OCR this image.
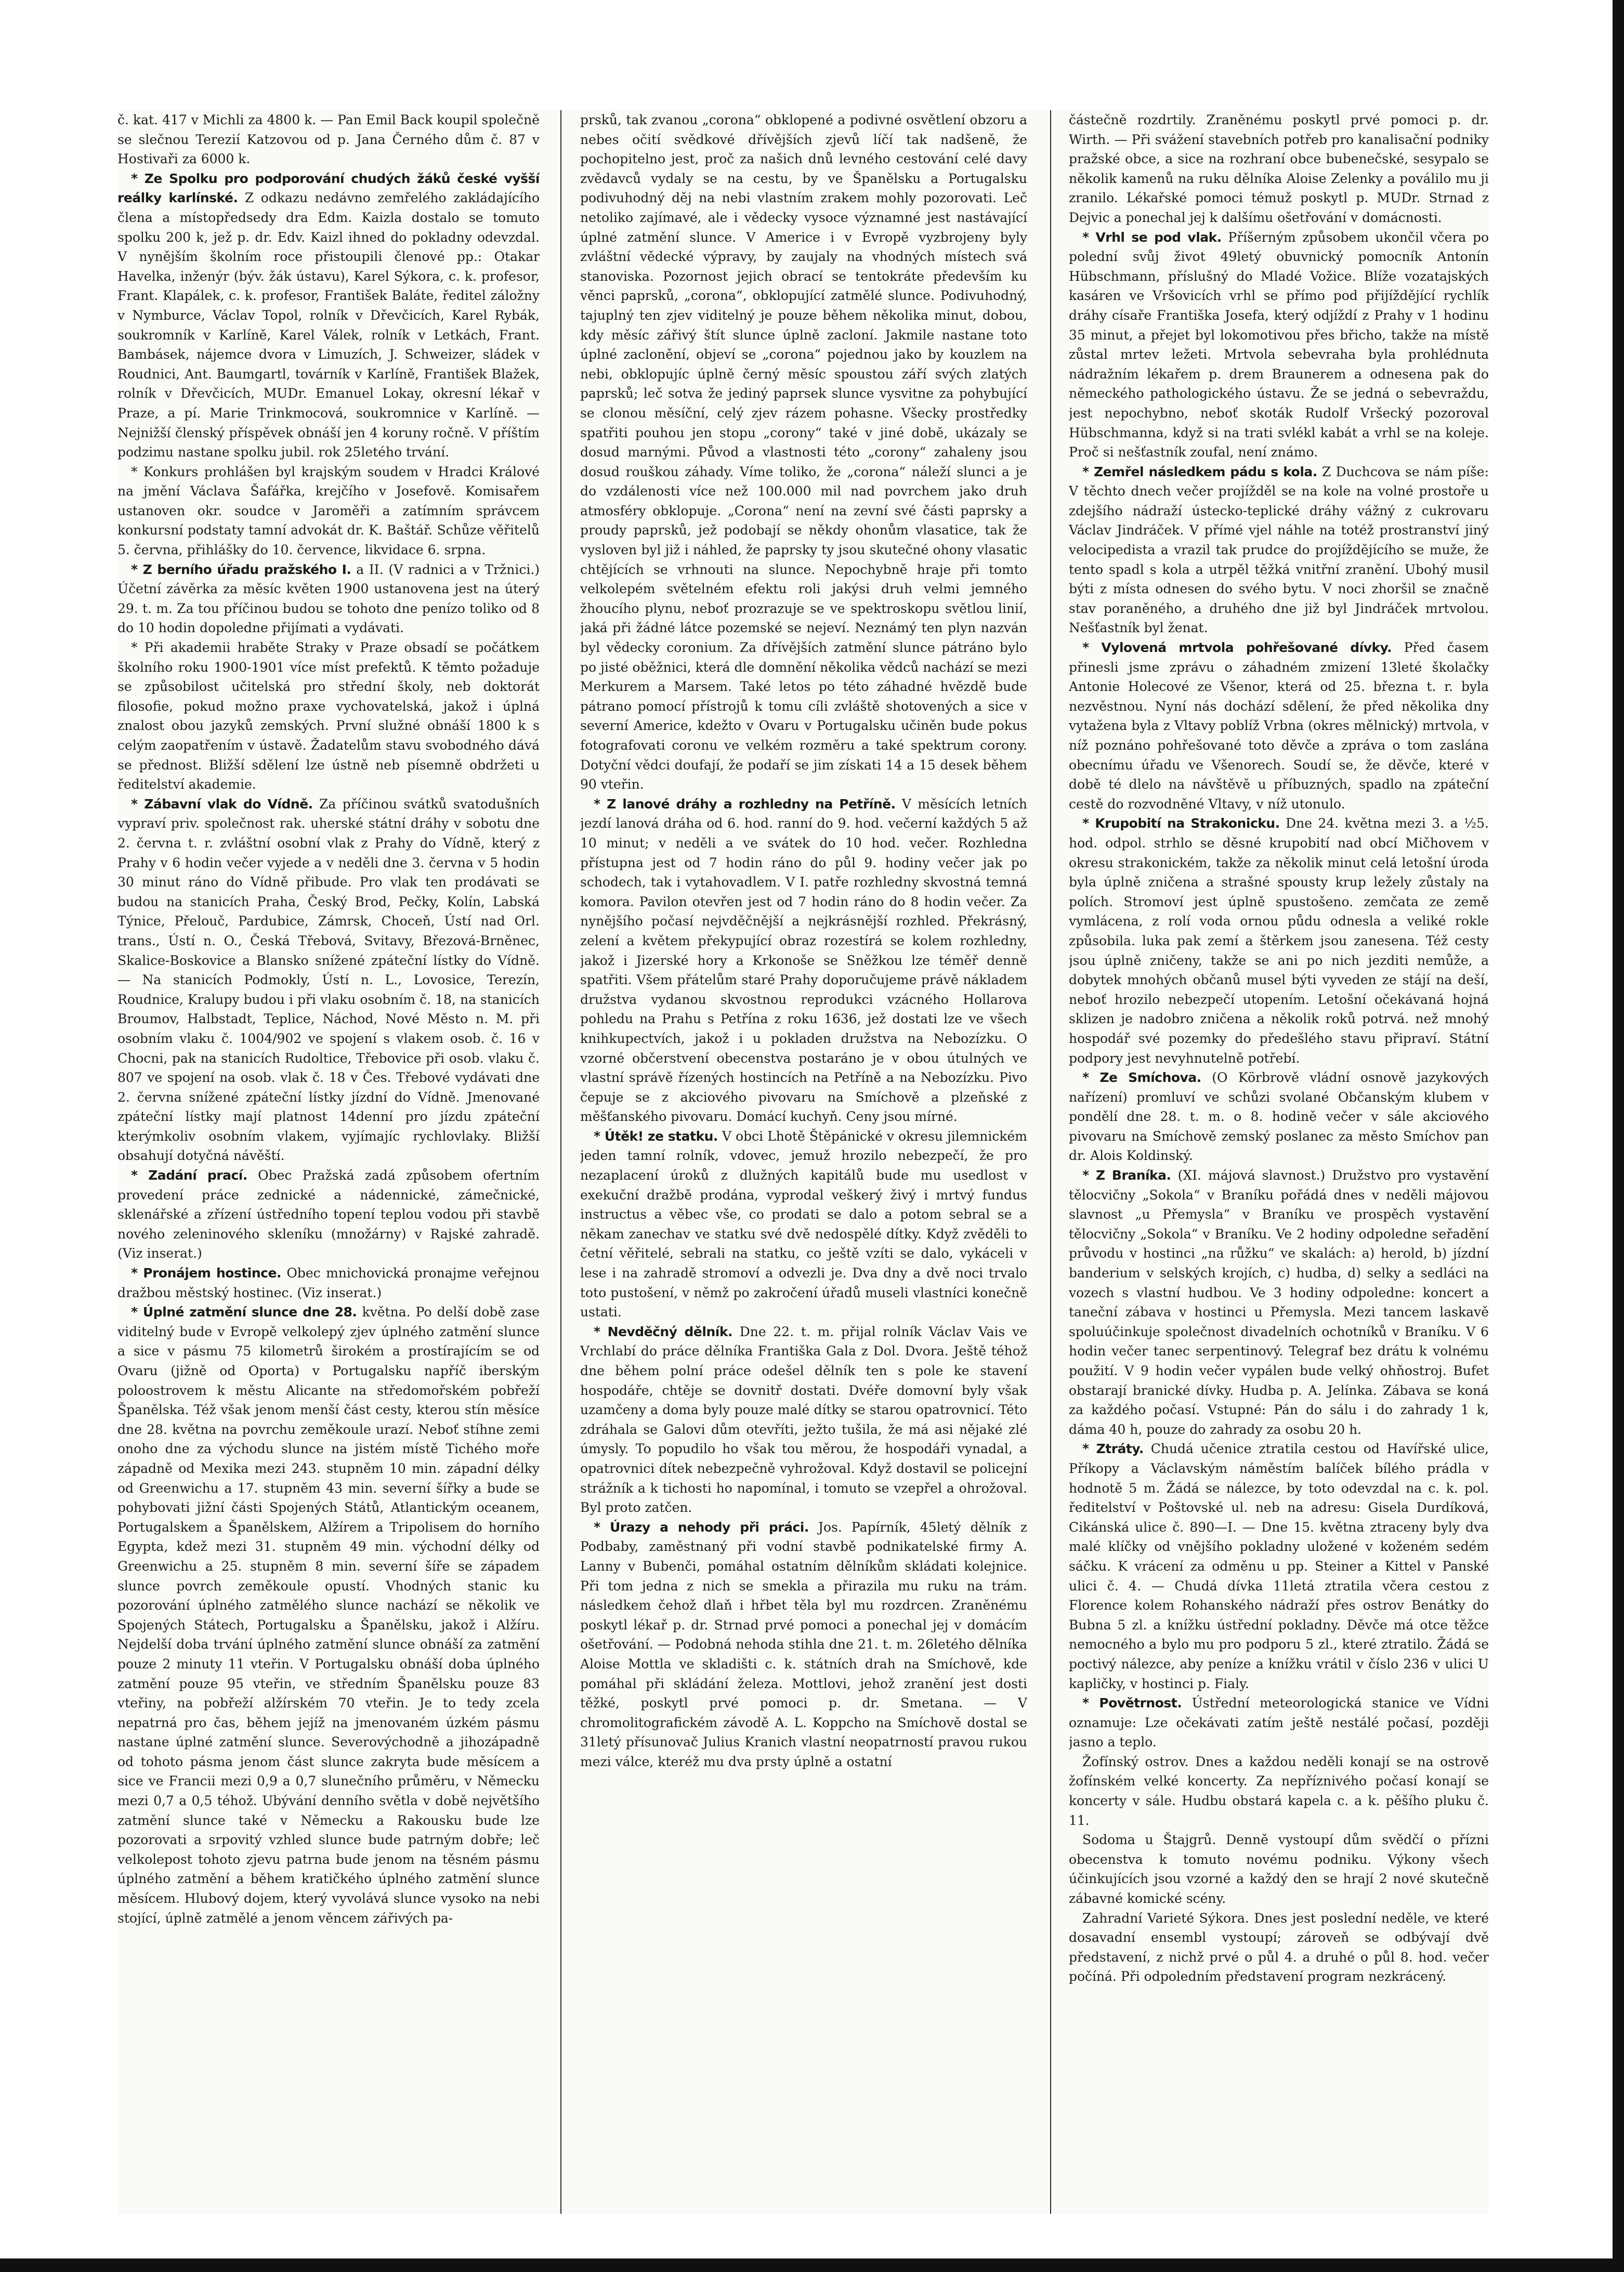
č. kat. 417 v Michli za 4800 k. — Pan Emil Back koupil společně se slečnou Terezií Katzovou od p. Jana Černého dům č. 87 v Hostivaři za 6000 k.

* Ze Spolku pro podporování chudých žáků české vyšší reálky karlínské. Z odkazu nedávno zemřelého zakládajícího člena a místopředsedy dra Edm. Kaizla dostalo se tomuto spolku 200 k, jež p. dr. Edv. Kaizl ihned do pokladny odevzdal. V nynějším školním roce přistoupili členové pp.: Otakar Havelka, inženýr (býv. žák ústavu), Karel Sýkora, c. k. profesor, Frant. Klapálek, c. k. profesor, František Baláte, ředitel záložny v Nymburce, Václav Topol, rolník v Dřevčicích, Karel Rybák, soukromník v Karlíně, Karel Válek, rolník v Letkách, Frant. Bambásek, nájemce dvora v Limuzích, J. Schweizer, sládek v Roudnici, Ant. Baumgartl, továrník v Karlíně, František Blažek, rolník v Dřevčicích, MUDr. Emanuel Lokay, okresní lékař v Praze, a pí. Marie Trinkmocová, soukromnice v Karlíně. — Nejnižší členský příspěvek obnáší jen 4 koruny ročně. V příštím podzimu nastane spolku jubil. rok 25letého trvání.

* Konkurs prohlášen byl krajským soudem v Hradci Králové na jmění Václava Šafářka, krejčího v Josefově. Komisařem ustanoven okr. soudce v Jaroměři a zatímním správcem konkursní podstaty tamní advokát dr. K. Baštář. Schůze věřitelů 5. června, přihlášky do 10. července, likvidace 6. srpna.

* Z berního úřadu pražského I. a II. (V radnici a v Tržnici.) Účetní závěrka za měsíc květen 1900 ustanovena jest na úterý 29. t. m. Za tou příčinou budou se tohoto dne penízo toliko od 8 do 10 hodin dopoledne přijímati a vydávati.

* Při akademii hraběte Straky v Praze obsadí se počátkem školního roku 1900-1901 více míst prefektů. K těmto požaduje se způsobilost učitelská pro střední školy, neb doktorát filosofie, pokud možno praxe vychovatelská, jakož i úplná znalost obou jazyků zemských. První služné obnáší 1800 k s celým zaopatřením v ústavě. Žadatelům stavu svobodného dává se přednost. Bližší sdělení lze ústně neb písemně obdržeti u ředitelství akademie.

* Zábavní vlak do Vídně. Za příčinou svátků svatodušních vypraví priv. společnost rak. uherské státní dráhy v sobotu dne 2. června t. r. zvláštní osobní vlak z Prahy do Vídně, který z Prahy v 6 hodin večer vyjede a v neděli dne 3. června v 5 hodin 30 minut ráno do Vídně přibude. Pro vlak ten prodávati se budou na stanicích Praha, Český Brod, Pečky, Kolín, Labská Týnice, Přelouč, Pardubice, Zámrsk, Choceň, Ústí nad Orl. trans., Ústí n. O., Česká Třebová, Svitavy, Březová-Brněnec, Skalice-Boskovice a Blansko snížené zpáteční lístky do Vídně. — Na stanicích Podmokly, Ústí n. L., Lovosice, Terezín, Roudnice, Kralupy budou i při vlaku osobním č. 18, na stanicích Broumov, Halbstadt, Teplice, Náchod, Nové Město n. M. při osobním vlaku č. 1004/902 ve spojení s vlakem osob. č. 16 v Chocni, pak na stanicích Rudoltice, Třebovice při osob. vlaku č. 807 ve spojení na osob. vlak č. 18 v Čes. Třebové vydávati dne 2. června snížené zpáteční lístky jízdní do Vídně. Jmenované zpáteční lístky mají platnost 14denní pro jízdu zpáteční kterýmkoliv osobním vlakem, vyjímajíc rychlovlaky. Bližší obsahují dotyčná návěští.

* Zadání prací. Obec Pražská zadá způsobem ofertním provedení práce zednické a nádennické, zámečnické, sklenářské a zřízení ústředního topení teplou vodou při stavbě nového zeleninového skleníku (množárny) v Rajské zahradě. (Viz inserat.)

* Pronájem hostince. Obec mnichovická pronajme veřejnou dražbou městský hostinec. (Viz inserat.)

* Úplné zatmění slunce dne 28. května. Po delší době zase viditelný bude v Evropě velkolepý zjev úplného zatmění slunce a sice v pásmu 75 kilometrů širokém a prostírajícím se od Ovaru (jižně od Oporta) v Portugalsku napříč iberským poloostrovem k městu Alicante na středomořském pobřeží Španělska. Též však jenom menší část cesty, kterou stín měsíce dne 28. května na povrchu zeměkoule urazí. Neboť stíhne zemi onoho dne za východu slunce na jistém místě Tichého moře západně od Mexika mezi 243. stupněm 10 min. západní délky od Greenwichu a 17. stupněm 43 min. severní šířky a bude se pohybovati jižní části Spojených Států, Atlantickým oceanem, Portugalskem a Španělskem, Alžírem a Tripolisem do horního Egypta, kdež mezi 31. stupněm 49 min. východní délky od Greenwichu a 25. stupněm 8 min. severní šíře se západem slunce povrch zeměkoule opustí. Vhodných stanic ku pozorování úplného zatmělého slunce nachází se několik ve Spojených Státech, Portugalsku a Španělsku, jakož i Alžíru. Nejdelší doba trvání úplného zatmění slunce obnáší za zatmění pouze 2 minuty 11 vteřin. V Portugalsku obnáší doba úplného zatmění pouze 95 vteřin, ve středním Španělsku pouze 83 vteřiny, na pobřeží alžírském 70 vteřin. Je to tedy zcela nepatrná pro čas, během jejíž na jmenovaném úzkém pásmu nastane úplné zatmění slunce. Severovýchodně a jihozápadně od tohoto pásma jenom část slunce zakryta bude měsícem a sice ve Francii mezi 0,9 a 0,7 slunečního průměru, v Německu mezi 0,7 a 0,5 téhož. Ubývání denního světla v době největšího zatmění slunce také v Německu a Rakousku bude lze pozorovati a srpovitý vzhled slunce bude patrným dobře; leč velkolepost tohoto zjevu patrna bude jenom na těsném pásmu úplného zatmění a během kratičkého úplného zatmění slunce měsícem. Hlubový dojem, který vyvolává slunce vysoko na nebi stojící, úplně zatmělé a jenom věncem zářivých pa-

prsků, tak zvanou „corona“ obklopené a podivné osvětlení obzoru a nebes očití svědkové dřívějších zjevů líčí tak nadšeně, že pochopitelno jest, proč za našich dnů levného cestování celé davy zvědavců vydaly se na cestu, by ve Španělsku a Portugalsku podivuhodný děj na nebi vlastním zrakem mohly pozorovati. Leč netoliko zajímavé, ale i vědecky vysoce významné jest nastávající úplné zatmění slunce. V Americe i v Evropě vyzbrojeny byly zvláštní vědecké výpravy, by zaujaly na vhodných místech svá stanoviska. Pozornost jejich obrací se tentokráte především ku věnci paprsků, „corona“, obklopující zatmělé slunce. Podivuhodný, tajuplný ten zjev viditelný je pouze během několika minut, dobou, kdy měsíc zářivý štít slunce úplně zacloní. Jakmile nastane toto úplné zaclonění, objeví se „corona“ pojednou jako by kouzlem na nebi, obklopujíc úplně černý měsíc spoustou září svých zlatých paprsků; leč sotva že jediný paprsek slunce vysvitne za pohybující se clonou měsíční, celý zjev rázem pohasne. Všecky prostředky spatřiti pouhou jen stopu „corony“ také v jiné době, ukázaly se dosud marnými. Původ a vlastnosti této „corony“ zahaleny jsou dosud rouškou záhady. Víme toliko, že „corona“ náleží slunci a je do vzdálenosti více než 100.000 mil nad povrchem jako druh atmosféry obklopuje. „Corona“ není na zevní své části paprsky a proudy paprsků, jež podobají se někdy ohonům vlasatice, tak že vysloven byl již i náhled, že paprsky ty jsou skutečné ohony vlasatic chtějících se vrhnouti na slunce. Nepochybně hraje při tomto velkolepém světelném efektu roli jakýsi druh velmi jemného žhoucího plynu, neboť prozrazuje se ve spektroskopu světlou linií, jaká při žádné látce pozemské se nejeví. Neznámý ten plyn nazván byl vědecky coronium. Za dřívějších zatmění slunce pátráno bylo po jisté oběžnici, která dle domnění několika vědců nachází se mezi Merkurem a Marsem. Také letos po této záhadné hvězdě bude pátrano pomocí přístrojů k tomu cíli zvláště shotovených a sice v severní Americe, kdežto v Ovaru v Portugalsku učiněn bude pokus fotografovati coronu ve velkém rozměru a také spektrum corony. Dotyční vědci doufají, že podaří se jim získati 14 a 15 desek během 90 vteřin.

* Z lanové dráhy a rozhledny na Petříně. V měsících letních jezdí lanová dráha od 6. hod. ranní do 9. hod. večerní každých 5 až 10 minut; v neděli a ve svátek do 10 hod. večer. Rozhledna přístupna jest od 7 hodin ráno do půl 9. hodiny večer jak po schodech, tak i vytahovadlem. V I. patře rozhledny skvostná temná komora. Pavilon otevřen jest od 7 hodin ráno do 8 hodin večer. Za nynějšího počasí nejvděčnější a nejkrásnější rozhled. Překrásný, zelení a květem překypující obraz rozestírá se kolem rozhledny, jakož i Jizerské hory a Krkonoše se Sněžkou lze téměř denně spatřiti. Všem přátelům staré Prahy doporučujeme právě nákladem družstva vydanou skvostnou reprodukci vzácného Hollarova pohledu na Prahu s Petřína z roku 1636, jež dostati lze ve všech knihkupectvích, jakož i u pokladen družstva na Nebozízku. O vzorné občerstvení obecenstva postaráno je v obou útulných ve vlastní správě řízených hostincích na Petříně a na Nebozízku. Pivo čepuje se z akciového pivovaru na Smíchově a plzeňské z měšťanského pivovaru. Domácí kuchyň. Ceny jsou mírné.

* Útěk! ze statku. V obci Lhotě Štěpánické v okresu jilemnickém jeden tamní rolník, vdovec, jemuž hrozilo nebezpečí, že pro nezaplacení úroků z dlužných kapitálů bude mu usedlost v exekuční dražbě prodána, vyprodal veškerý živý i mrtvý fundus instructus a věbec vše, co prodati se dalo a potom sebral se a někam zanechav ve statku své dvě nedospělé dítky. Když zvěděli to četní věřitelé, sebrali na statku, co ještě vzíti se dalo, vykáceli v lese i na zahradě stromoví a odvezli je. Dva dny a dvě noci trvalo toto pustošení, v němž po zakročení úřadů museli vlastníci konečně ustati.

* Nevděčný dělník. Dne 22. t. m. přijal rolník Václav Vais ve Vrchlabí do práce dělníka Františka Gala z Dol. Dvora. Ještě téhož dne během polní práce odešel dělník ten s pole ke stavení hospodáře, chtěje se dovnitř dostati. Dvéře domovní byly však uzamčeny a doma byly pouze malé dítky se starou opatrovnicí. Této zdráhala se Galovi dům otevříti, ježto tušila, že má asi nějaké zlé úmysly. To popudilo ho však tou měrou, že hospodáři vynadal, a opatrovnici dítek nebezpečně vyhrožoval. Když dostavil se policejní strážník a k tichosti ho napomínal, i tomuto se vzepřel a ohrožoval. Byl proto zatčen.

* Úrazy a nehody při práci. Jos. Papírník, 45letý dělník z Podbaby, zaměstnaný při vodní stavbě podnikatelské firmy A. Lanny v Bubenči, pomáhal ostatním dělníkům skládati kolejnice. Při tom jedna z nich se smekla a přirazila mu ruku na trám. následkem čehož dlaň i hřbet těla byl mu rozdrcen. Zraněnému poskytl lékař p. dr. Strnad prvé pomoci a ponechal jej v domácím ošetřování. — Podobná nehoda stihla dne 21. t. m. 26letého dělníka Aloise Mottla ve skladišti c. k. státních drah na Smíchově, kde pomáhal při skládání železa. Mottlovi, jehož zranění jest dosti těžké, poskytl prvé pomoci p. dr. Smetana. — V chromolitografickém závodě A. L. Koppcho na Smíchově dostal se 31letý přísunovač Julius Kranich vlastní neopatrností pravou rukou mezi válce, kteréž mu dva prsty úplně a ostatní

částečně rozdrtily. Zraněnému poskytl prvé pomoci p. dr. Wirth. — Při svážení stavebních potřeb pro kanalisační podniky pražské obce, a sice na rozhraní obce bubenečské, sesypalo se několik kamenů na ruku dělníka Aloise Zelenky a poválilo mu ji zranilo. Lékařské pomoci témuž poskytl p. MUDr. Strnad z Dejvic a ponechal jej k dalšímu ošetřování v domácnosti.

* Vrhl se pod vlak. Příšerným způsobem ukončil včera po polední svůj život 49letý obuvnický pomocník Antonín Hübschmann, příslušný do Mladé Vožice. Blíže vozatajských kasáren ve Vršovicích vrhl se přímo pod přijíždějící rychlík dráhy císaře Františka Josefa, který odjíždí z Prahy v 1 hodinu 35 minut, a přejet byl lokomotivou přes břicho, takže na místě zůstal mrtev ležeti. Mrtvola sebevraha byla prohlédnuta nádražním lékařem p. drem Braunerem a odnesena pak do německého pathologického ústavu. Že se jedná o sebevraždu, jest nepochybno, neboť skoták Rudolf Vršecký pozoroval Hübschmanna, když si na trati svlékl kabát a vrhl se na koleje. Proč si nešťastník zoufal, není známo.

* Zemřel následkem pádu s kola. Z Duchcova se nám píše: V těchto dnech večer projížděl se na kole na volné prostoře u zdejšího nádraží ústecko-teplické dráhy vážný z cukrovaru Václav Jindráček. V přímé vjel náhle na totéž prostranství jiný velocipedista a vrazil tak prudce do projíždějícího se muže, že tento spadl s kola a utrpěl těžká vnitřní zranění. Ubohý musil býti z místa odnesen do svého bytu. V noci zhoršil se značně stav poraněného, a druhého dne již byl Jindráček mrtvolou. Nešťastník byl ženat.

* Vylovená mrtvola pohřešované dívky. Před časem přinesli jsme zprávu o záhadném zmizení 13leté školačky Antonie Holecové ze Všenor, která od 25. března t. r. byla nezvěstnou. Nyní nás dochází sdělení, že před několika dny vytažena byla z Vltavy poblíž Vrbna (okres mělnický) mrtvola, v níž poznáno pohřešované toto děvče a zpráva o tom zaslána obecnímu úřadu ve Všenorech. Soudí se, že děvče, které v době té dlelo na návštěvě u příbuzných, spadlo na zpáteční cestě do rozvodněné Vltavy, v níž utonulo.

* Krupobití na Strakonicku. Dne 24. května mezi 3. a ½5. hod. odpol. strhlo se děsné krupobití nad obcí Mičhovem v okresu strakonickém, takže za několik minut celá letošní úroda byla úplně zničena a strašné spousty krup ležely zůstaly na polích. Stromoví jest úplně spustošeno. zemčata ze země vymlácena, z rolí voda ornou půdu odnesla a veliké rokle způsobila. luka pak zemí a štěrkem jsou zanesena. Též cesty jsou úplně zničeny, takže se ani po nich jezditi nemůže, a dobytek mnohých občanů musel býti vyveden ze stájí na deší, neboť hrozilo nebezpečí utopením. Letošní očekávaná hojná sklizen je nadobro zničena a několik roků potrvá. než mnohý hospodář své pozemky do předešlého stavu připraví. Státní podpory jest nevyhnutelně potřebí.

* Ze Smíchova. (O Körbrově vládní osnově jazykových nařízení) promluví ve schůzi svolané Občanským klubem v pondělí dne 28. t. m. o 8. hodině večer v sále akciového pivovaru na Smíchově zemský poslanec za město Smíchov pan dr. Alois Koldinský.

* Z Braníka. (XI. májová slavnost.) Družstvo pro vystavění tělocvičny „Sokola“ v Braníku pořádá dnes v neděli májovou slavnost „u Přemysla“ v Braníku ve prospěch vystavění tělocvičny „Sokola“ v Braníku. Ve 2 hodiny odpoledne seřadění průvodu v hostinci „na růžku“ ve skalách: a) herold, b) jízdní banderium v selských krojích, c) hudba, d) selky a sedláci na vozech s vlastní hudbou. Ve 3 hodiny odpoledne: koncert a taneční zábava v hostinci u Přemysla. Mezi tancem laskavě spoluúčinkuje společnost divadelních ochotníků v Braníku. V 6 hodin večer tanec serpentinový. Telegraf bez drátu k volnému použití. V 9 hodin večer vypálen bude velký ohňostroj. Bufet obstarají branické dívky. Hudba p. A. Jelínka. Zábava se koná za každého počasí. Vstupné: Pán do sálu i do zahrady 1 k, dáma 40 h, pouze do zahrady za osobu 20 h.

* Ztráty. Chudá učenice ztratila cestou od Havířské ulice, Příkopy a Václavským náměstím balíček bílého prádla v hodnotě 5 m. Žádá se nálezce, by toto odevzdal na c. k. pol. ředitelství v Poštovské ul. neb na adresu: Gisela Durdíková, Cikánská ulice č. 890—I. — Dne 15. května ztraceny byly dva malé klíčky od vnějšího pokladny uložené v koženém sedém sáčku. K vrácení za odměnu u pp. Steiner a Kittel v Panské ulici č. 4. — Chudá dívka 11letá ztratila včera cestou z Florence kolem Rohanského nádraží přes ostrov Benátky do Bubna 5 zl. a knížku ústřední pokladny. Děvče má otce těžce nemocného a bylo mu pro podporu 5 zl., které ztratilo. Žádá se poctivý nálezce, aby peníze a knížku vrátil v číslo 236 v ulici U kapličky, v hostinci p. Fialy.

* Povětrnost. Ústřední meteorologická stanice ve Vídni oznamuje: Lze očekávati zatím ještě nestálé počasí, později jasno a teplo.

Žofínský ostrov. Dnes a každou neděli konají se na ostrově žofínském velké koncerty. Za nepříznivého počasí konají se koncerty v sále. Hudbu obstará kapela c. a k. pěšího pluku č. 11.

Sodoma u Štajgrů. Denně vystoupí dům svědčí o přízni obecenstva k tomuto novému podniku. Výkony všech účinkujících jsou vzorné a každý den se hrají 2 nové skutečně zábavné komické scény.

Zahradní Varieté Sýkora. Dnes jest poslední neděle, ve které dosavadní ensembl vystoupí; zároveň se odbývají dvě představení, z nichž prvé o půl 4. a druhé o půl 8. hod. večer počíná. Při odpoledním představení program nezkrácený.
